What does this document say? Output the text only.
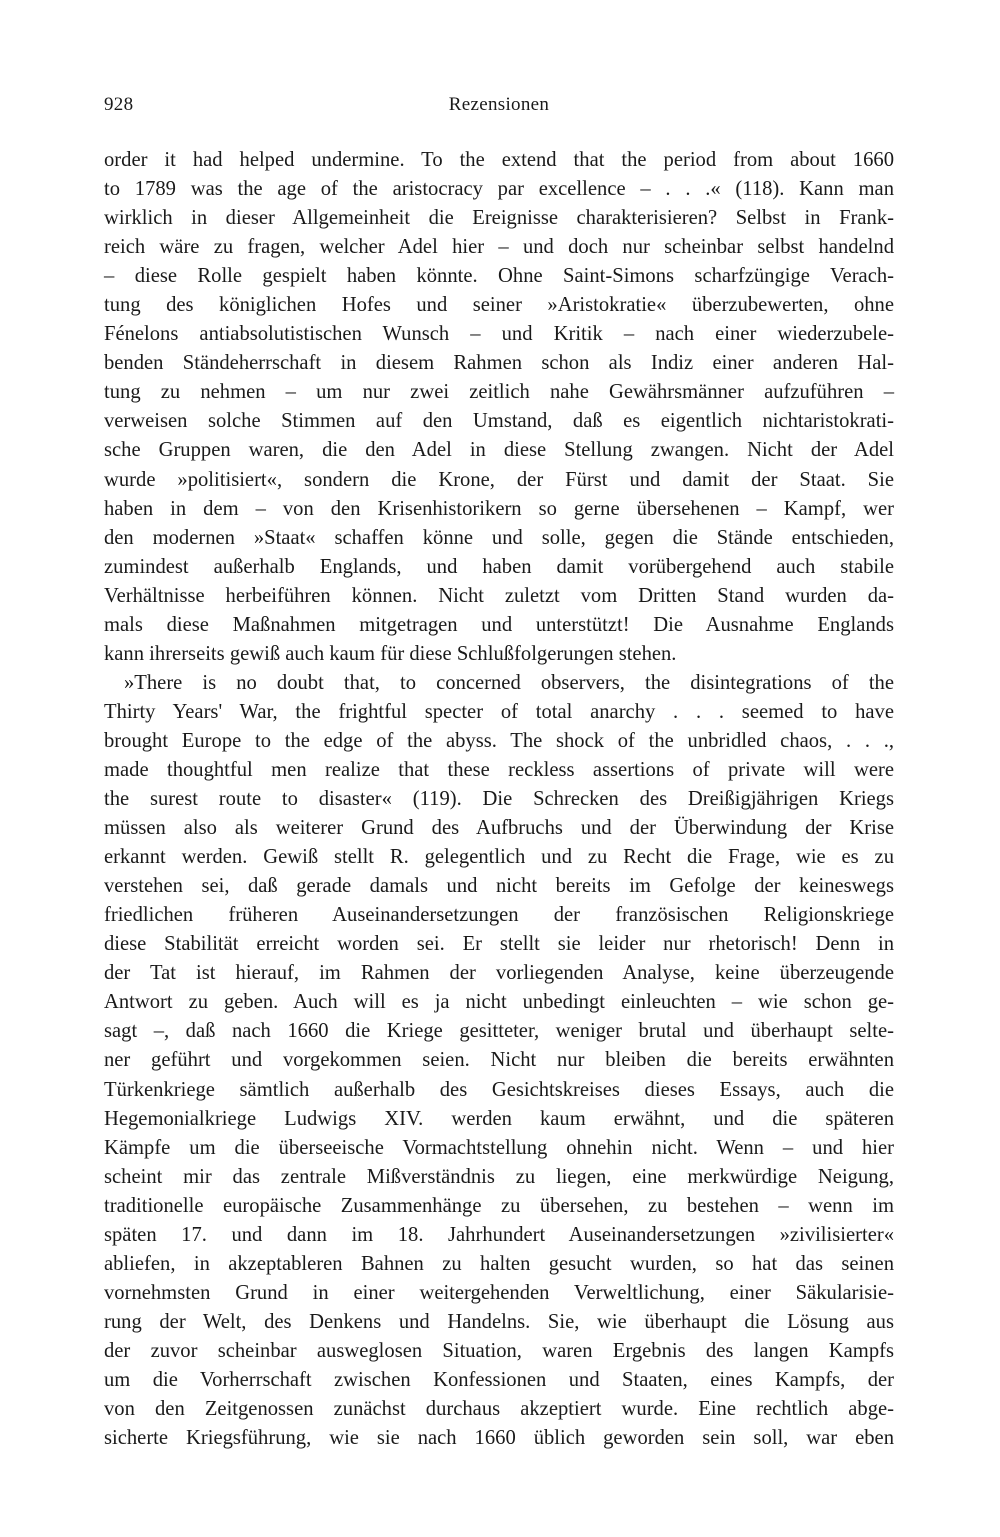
928	Rezensionen
order it had helped undermine. To the extend that the period from about 1660
to 1789 was the age of the aristocracy par excellence – . . .« (118). Kann man
wirklich in dieser Allgemeinheit die Ereignisse charakterisieren? Selbst in Frank-
reich wäre zu fragen, welcher Adel hier – und doch nur scheinbar selbst handelnd
– diese Rolle gespielt haben könnte. Ohne Saint-Simons scharfzüngige Verach-
tung des königlichen Hofes und seiner »Aristokratie« überzubewerten, ohne
Fénelons antiabsolutistischen Wunsch – und Kritik – nach einer wiederzubele-
benden Ständeherrschaft in diesem Rahmen schon als Indiz einer anderen Hal-
tung zu nehmen – um nur zwei zeitlich nahe Gewährsmänner aufzuführen –
verweisen solche Stimmen auf den Umstand, daß es eigentlich nichtaristokrati-
sche Gruppen waren, die den Adel in diese Stellung zwangen. Nicht der Adel
wurde »politisiert«, sondern die Krone, der Fürst und damit der Staat. Sie
haben in dem – von den Krisenhistorikern so gerne übersehenen – Kampf, wer
den modernen »Staat« schaffen könne und solle, gegen die Stände entschieden,
zumindest außerhalb Englands, und haben damit vorübergehend auch stabile
Verhältnisse herbeiführen können. Nicht zuletzt vom Dritten Stand wurden da-
mals diese Maßnahmen mitgetragen und unterstützt! Die Ausnahme Englands
kann ihrerseits gewiß auch kaum für diese Schlußfolgerungen stehen.
»There is no doubt that, to concerned observers, the disintegrations of the
Thirty Years' War, the frightful specter of total anarchy . . . seemed to have
brought Europe to the edge of the abyss. The shock of the unbridled chaos, . . .,
made thoughtful men realize that these reckless assertions of private will were
the surest route to disaster« (119). Die Schrecken des Dreißigjährigen Kriegs
müssen also als weiterer Grund des Aufbruchs und der Überwindung der Krise
erkannt werden. Gewiß stellt R. gelegentlich und zu Recht die Frage, wie es zu
verstehen sei, daß gerade damals und nicht bereits im Gefolge der keineswegs
friedlichen früheren Auseinandersetzungen der französischen Religionskriege
diese Stabilität erreicht worden sei. Er stellt sie leider nur rhetorisch! Denn in
der Tat ist hierauf, im Rahmen der vorliegenden Analyse, keine überzeugende
Antwort zu geben. Auch will es ja nicht unbedingt einleuchten – wie schon ge-
sagt –, daß nach 1660 die Kriege gesitteter, weniger brutal und überhaupt selte-
ner geführt und vorgekommen seien. Nicht nur bleiben die bereits erwähnten
Türkenkriege sämtlich außerhalb des Gesichtskreises dieses Essays, auch die
Hegemonialkriege Ludwigs XIV. werden kaum erwähnt, und die späteren
Kämpfe um die überseeische Vormachtstellung ohnehin nicht. Wenn – und hier
scheint mir das zentrale Mißverständnis zu liegen, eine merkwürdige Neigung,
traditionelle europäische Zusammenhänge zu übersehen, zu bestehen – wenn im
späten 17. und dann im 18. Jahrhundert Auseinandersetzungen »zivilisierter«
abliefen, in akzeptableren Bahnen zu halten gesucht wurden, so hat das seinen
vornehmsten Grund in einer weitergehenden Verweltlichung, einer Säkularisie-
rung der Welt, des Denkens und Handelns. Sie, wie überhaupt die Lösung aus
der zuvor scheinbar ausweglosen Situation, waren Ergebnis des langen Kampfs
um die Vorherrschaft zwischen Konfessionen und Staaten, eines Kampfs, der
von den Zeitgenossen zunächst durchaus akzeptiert wurde. Eine rechtlich abge-
sicherte Kriegsführung, wie sie nach 1660 üblich geworden sein soll, war eben
